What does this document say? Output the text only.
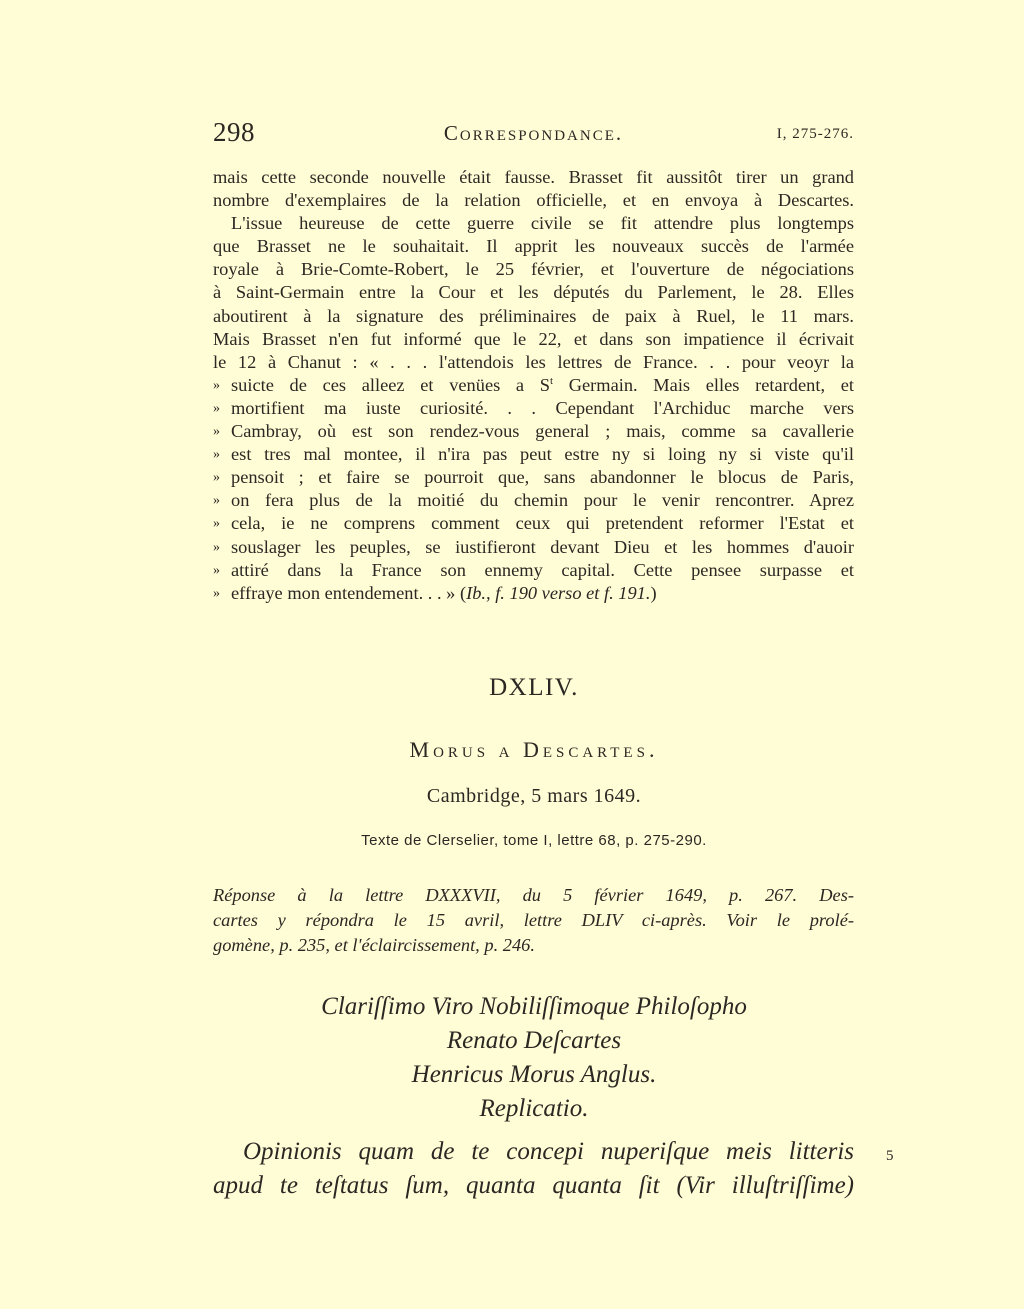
298	Correspondance.	I, 275-276.
mais cette seconde nouvelle était fausse. Brasset fit aussitôt tirer un grand
nombre d'exemplaires de la relation officielle, et en envoya à Descartes.
L'issue heureuse de cette guerre civile se fit attendre plus longtemps
que Brasset ne le souhaitait. Il apprit les nouveaux succès de l'armée
royale à Brie-Comte-Robert, le 25 février, et l'ouverture de négociations
à Saint-Germain entre la Cour et les députés du Parlement, le 28. Elles
aboutirent à la signature des préliminaires de paix à Ruel, le 11 mars.
Mais Brasset n'en fut informé que le 22, et dans son impatience il écrivait
le 12 à Chanut : « . . . l'attendois les lettres de France. . . pour veoyr la
» suicte de ces alleez et venües a $S^t$ Germain. Mais elles retardent, et
» mortifient ma iuste curiosité. . . Cependant l'Archiduc marche vers
» Cambray, où est son rendez-vous general ; mais, comme sa cavallerie
» est tres mal montee, il n'ira pas peut estre ny si loing ny si viste qu'il
» pensoit ; et faire se pourroit que, sans abandonner le blocus de Paris,
» on fera plus de la moitié du chemin pour le venir rencontrer. Aprez
» cela, ie ne comprens comment ceux qui pretendent reformer l'Estat et
» souslager les peuples, se iustifieront devant Dieu et les hommes d'auoir
» attiré dans la France son ennemy capital. Cette pensee surpasse et
» effraye mon entendement. . . » (Ib., f. 190 verso et f. 191.)
DXLIV.
Morus a Descartes.
Cambridge, 5 mars 1649.
Texte de Clerselier, tome I, lettre 68, p. 275-290.
Réponse à la lettre DXXXVII, du 5 février 1649, p. 267. Des-
cartes y répondra le 15 avril, lettre DLIV ci-après. Voir le prolé-
gomène, p. 235, et l'éclaircissement, p. 246.
Clariſſimo Viro Nobiliſſimoque Philoſopho
Renato Deſcartes
Henricus Morus Anglus.
Replicatio.
Opinionis quam de te concepi nuperiſque meis litteris
apud te teſtatus ſum, quanta quanta ſit (Vir illuſtriſſime)
5
